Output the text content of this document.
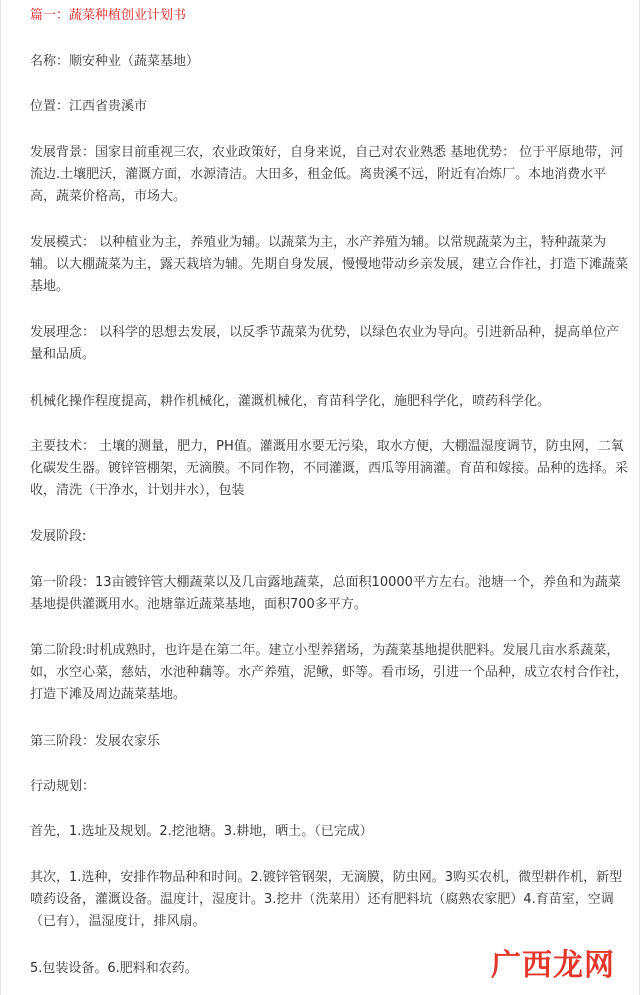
篇一：蔬菜种植创业计划书

名称：顺安种业（蔬菜基地）

位置：江西省贵溪市

发展背景：国家目前重视三农，农业政策好，自身来说，自己对农业熟悉 基地优势： 位于平原地带，河流边.土壤肥沃，灌溉方面，水源清洁。大田多，租金低。离贵溪不远，附近有冶炼厂。本地消费水平高，蔬菜价格高，市场大。

发展模式： 以种植业为主，养殖业为辅。以蔬菜为主，水产养殖为辅。以常规蔬菜为主，特种蔬菜为辅。以大棚蔬菜为主，露天栽培为辅。先期自身发展，慢慢地带动乡亲发展，建立合作社，打造下滩蔬菜基地。

发展理念： 以科学的思想去发展，以反季节蔬菜为优势，以绿色农业为导向。引进新品种，提高单位产量和品质。

机械化操作程度提高，耕作机械化，灌溉机械化，育苗科学化，施肥科学化，喷药科学化。

主要技术： 土壤的测量，肥力，PH值。灌溉用水要无污染，取水方便，大棚温湿度调节，防虫网，二氧化碳发生器。镀锌管棚架，无滴膜。不同作物，不同灌溉，西瓜等用滴灌。育苗和嫁接。品种的选择。采收，清洗（干净水，计划井水），包装

发展阶段:

第一阶段：13亩镀锌管大棚蔬菜以及几亩露地蔬菜，总面积10000平方左右。池塘一个，养鱼和为蔬菜基地提供灌溉用水。池塘靠近蔬菜基地，面积700多平方。

第二阶段:时机成熟时，也许是在第二年。建立小型养猪场，为蔬菜基地提供肥料。发展几亩水系蔬菜，如，水空心菜，慈姑，水池种藕等。水产养殖，泥鳅，虾等。看市场，引进一个品种，成立农村合作社，打造下滩及周边蔬菜基地。

第三阶段：发展农家乐

行动规划：

首先，1.选址及规划。2.挖池塘。3.耕地，晒土。（已完成）

其次，1.选种，安排作物品种和时间。2.镀锌管钢架，无滴膜，防虫网。3购买农机，微型耕作机，新型喷药设备，灌溉设备。温度计，湿度计。3.挖井（洗菜用）还有肥料坑（腐熟农家肥）4.育苗室，空调（已有），温湿度计，排风扇。

5.包装设备。6.肥料和农药。	广西龙网
